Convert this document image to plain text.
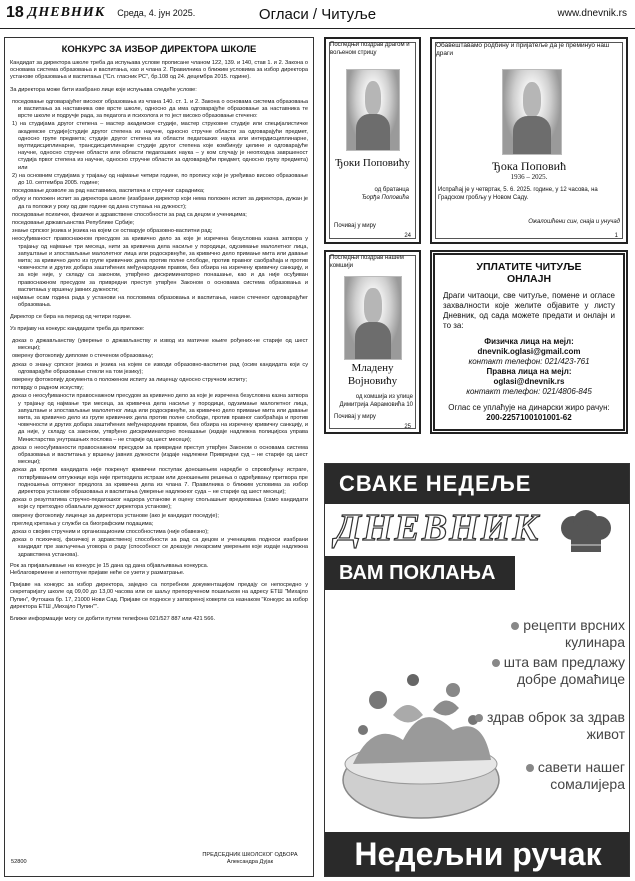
18 ДНЕВНИК Среда, 4. јун 2025.	Огласи / Читуље	www.dnevnik.rs
КОНКУРС ЗА ИЗБОР ДИРЕКТОРА ШКОЛЕ

Кандидат за директора школе треба да испуњава услове прописане чланом 122, 139. и 140, став 1. и 2. Закона о основама система образовања и васпитања, као и члана 2. Правилника о ближим условима за избор директора установе образовања и васпитања ("Сл. гласник РС", бр.108 од 24. децембра 2015. године).

За директора може бити изабрано лице које испуњава следеће услове:

поседовање одговарајућег високог образовања из члана 140. ст. 1. и 2. Закона о основама система образовања и васпитања за наставника ове врсте школе, односно да има одговарајуће образовање за наставника те врсте школе и подручје рада, за педагога и психолога и то јест високо образовање стечено:
1) на студијама другог степена – мастер академске студије, мастер струковне студије или специјалистичке академске студије(студије другог степена из научне, односно стручне области за одговарајући предмет, односно групе предмета; студије другог степена из области педагошких наука или интердисциплинарне, мултидисциплинарне, трансдисциплинарне студије другог степена које комбинују целине и одговарајуће научне, односно стручне области или области педагошких наука – у ком случају је неопходна завршеност студија првог степена из научне, односно стручне области за одговарајући предмет, односно групу предмета) или
2) на основним студијама у трајању од најмање четири године, по пропису који је уређивао високо образовање до 10. септембра 2005. године;
поседовање дозволе за рад наставника, васпитача и стручног сарадника;
обуку и положен испит за директора школе (изабрани директор који нема положен испит за директора, дужан је да га положи у року од две године од дана ступања на дужност);
поседовање психичке, физичке и здравствене способности за рад са децом и ученицима;
поседовање држављанства Републике Србије;
знање српског језика и језика на којем се остварује образовно-васпитни рад;
неосуђиваност правоснажном пресудом за кривично дело за које је изречена безусловна казна затвора у трајању од најмање три месеца, нити за кривична дела насиље у породици, одузимање малолетног лица, запуштање и злостављање малолетног лица или родоскрвнуће, за кривично дело примање мита или давање мита; за кривично дело из групе кривичних дела против полне слободе, против правног саобраћаја и против човечности и других добара заштићених међународним правом, без обзира на изречену кривичну санкцију, и за које није, у складу са законом, утврђено дискриминаторно понашање, као и да није осуђиван правоснажном пресудом за привредни преступ утврђен Законом о основама система образовања и васпитања у вршењу јавних дужности;
најмање осам година рада у установи на пословима образовања и васпитања, након стеченог одговарајућег образовања.

Директор се бира на период од четири године.

Уз пријаву на конкурс кандидати треба да приложе:

доказ о држављанству (уверење о држављанству и извод из матичне књиге рођених-не старије од шест месеци);
оверену фотокопију дипломе о стеченом образовању;
доказ о знању српског језика и језика на којем се изводи образовно-васпитни рад (осим кандидата који су одговарајуће образовање стекли на том језику);
оверену фотокопију документа о положеном испиту за лиценцу односно стручном испиту;
потврду о радном искуству;
доказ о неосуђиваности правоснажном пресудом за кривично дело за које је изречена безусловна казна затвора у трајању од најмање три месеца, за кривична дела насиље у породици, одузимање малолетног лица, запуштање и злостављање малолетног лица или родоскрвнуће, за кривично дело примање мита или давање мита, за кривично дело из групе кривичних дела против полне слободе, против правног саобраћаја и против човечности и других добара заштићених међународним правом, без обзира на изречену кривичну санкцију, и да није, у складу са законом, утврђено дискриминаторно понашање (издаје надлежна полицијска управа Министарства унутрашњих послова – не старије од шест месеци);
доказ о неосуђиваности правоснажном пресудом за привредни преступ утврђен Законом о основама система образовања и васпитања у вршењу јавних дужности (издаје надлежни Привредни суд – не старије од шест месеци);
доказ да против кандидата није покренут кривични поступак доношењем наредбе о спровођењу истраге, потврђивањем оптужнице која није претходила истрази или доношењем решења о одређивању притвора пре подношења оптужног предлога за кривична дела из члана 7. Правилника о ближим условима за избор директора установе образовања и васпитања (уверење надлежног суда – не старије од шест месеци);
доказ о резултатима стручно-педагошког надзора установе и оцену спољашњег вредновања (само кандидати који су претходно обављали дужност директора установе);
оверену фотокопију лиценце за директора установе (ако је кандидат поседује);
преглед кретања у служби са биографским подацима;
доказ о својим стручним и организационим способностима (није обавезно);
доказ о психичкој, физичкој и здравственој способности за рад са децом и ученицима подноси изабрани кандидат пре закључења уговора о раду (способност се доказује лекарским уверењем које издаје надлежна здравствена установа).

Рок за пријављивање на конкурс је 15 дана од дана објављивања конкурса.

Неблаговремене и непотпуне пријаве неће се узети у разматрање.

Пријаве на конкурс за избор директора, заједно са потребном документацијом предају се непосредно у секретаријату школе од 09,00 до 13,00 часова или се шаљу препорученом пошиљком на адресу ЕТШ "Михајло Пупин", Футошка бр. 17, 21000 Нови Сад. Пријаве се подносе у затвореној коверти са назнаком "Конкурс за избор директора ЕТШ „Михајло Пупин"".

Ближе информације могу се добити путем телефона 021/527 887 или 421 566.

52800
ПРЕДСЕДНИК ШКОЛСКОГ ОДБОРА
Александра Дујак
Последњи поздрав драгом и вољеном стрицу
Ђоки Поповићу
од братанца
Ђорђа Поповића
Почивај у миру
24
Обавештавамо родбину и пријатеље да је преминуо наш драги
Ђока Поповић
1936 – 2025.
Испраћај је у четвртак, 5. 6. 2025. године, у 12 часова, на Градском гробљу у Новом Саду.
Ожалошћени син, снаја и унучад
1
Последњи поздрав нашем комшији
Младену
Војновићу
од комшија из улице
Димитрија Аврамовића 10
Почивај у миру
25
УПЛАТИТЕ ЧИТУЉЕ
ОНЛАЈН
Драги читаоци, све читуље, помене и огласе захвалности које желите објавите у листу Дневник, од сада можете предати и онлајн и то за:
Физичка лица на мејл:
dnevnik.oglasi@gmail.com
контакт телефон: 021/423-761
Правна лица на мејл:
oglasi@dnevnik.rs
контакт телефон: 021/4806-845
Оглас се уплаћује на динарски жиро рачун:
200-2257100101001-62
СВАКЕ НЕДЕЉЕ
ДНЕВНИК
ВАМ ПОКЛАЊА
рецепти врсних кулинара
шта вам предлажу добре домаћице
здрав оброк за здрав живот
савети нашег сомалијера
Недељни ручак
